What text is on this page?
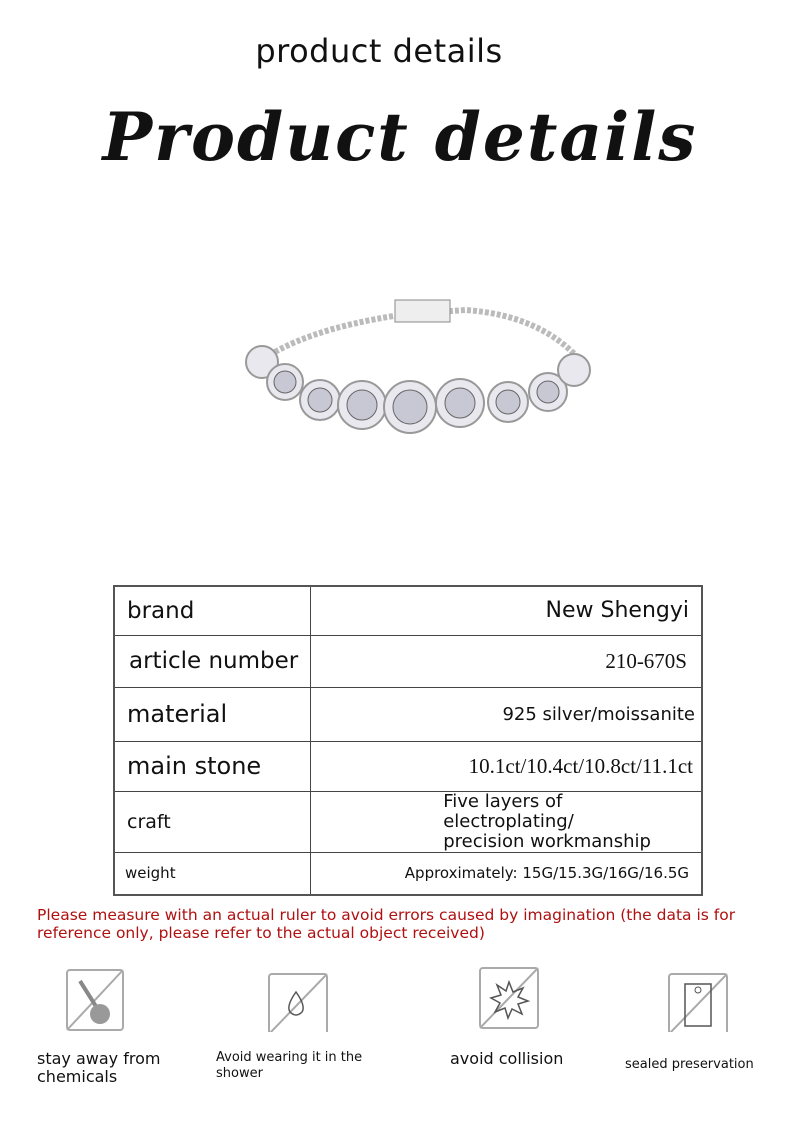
product details
Product details
brand	New Shengyi
article number	210-670S
material	925 silver/moissanite
main stone	10.1ct/10.4ct/10.8ct/11.1ct
craft	Five layers of electroplating/
precision workmanship

weight	Approximately: 15G/15.3G/16G/16.5G
Please measure with an actual ruler to avoid errors caused by imagination (the data is for reference only, please refer to the actual object received)
stay away from chemicals
Avoid wearing it in the shower
avoid collision	sealed preservation
